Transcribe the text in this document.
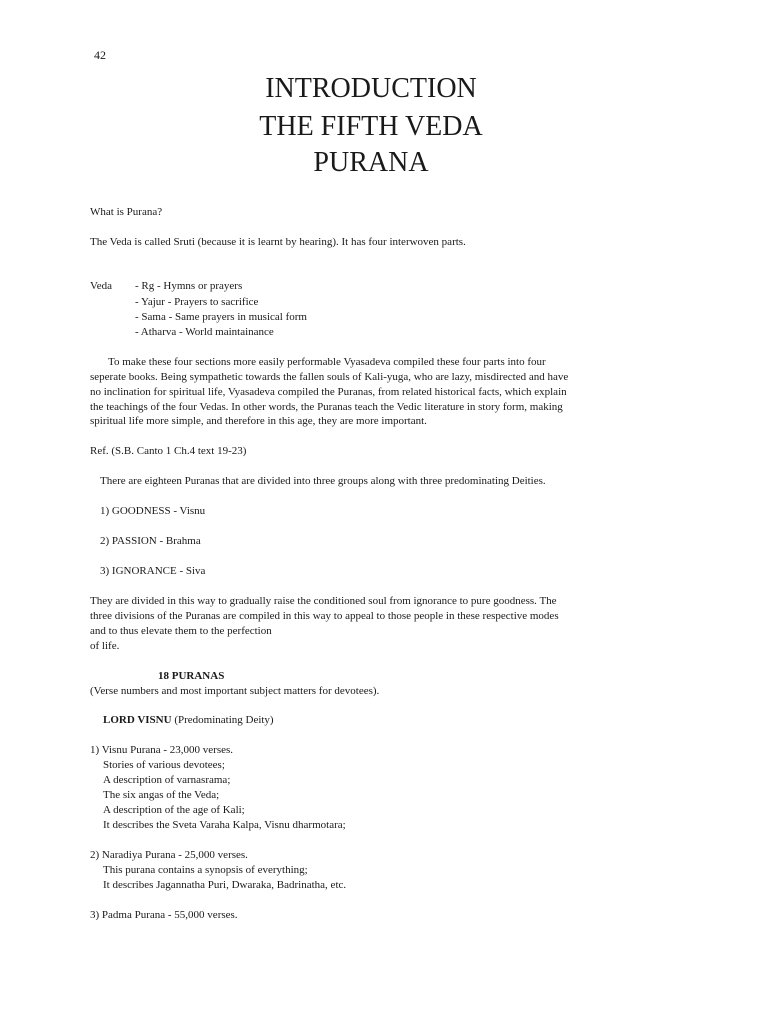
42
INTRODUCTION
THE FIFTH VEDA
PURANA
What is Purana?
The Veda is called Sruti (because it is learnt by hearing). It has four interwoven parts.
Veda - Rg - Hymns or prayers
- Yajur - Prayers to sacrifice
- Sama - Same prayers in musical form
- Atharva - World maintainance
To make these four sections more easily performable Vyasadeva compiled these four parts into four
seperate books. Being sympathetic towards the fallen souls of Kali-yuga, who are lazy, misdirected and have
no inclination for spiritual life, Vyasadeva compiled the Puranas, from related historical facts, which explain
the teachings of the four Vedas. In other words, the Puranas teach the Vedic literature in story form, making
spiritual life more simple, and therefore in this age, they are more important.
Ref. (S.B. Canto 1 Ch.4 text 19-23)
There are eighteen Puranas that are divided into three groups along with three predominating Deities.
1) GOODNESS - Visnu
2) PASSION - Brahma
3) IGNORANCE - Siva
They are divided in this way to gradually raise the conditioned soul from ignorance to pure goodness. The
three divisions of the Puranas are compiled in this way to appeal to those people in these respective modes
and to thus elevate them to the perfection
of life.
18 PURANAS
(Verse numbers and most important subject matters for devotees).
LORD VISNU (Predominating Deity)
1) Visnu Purana - 23,000 verses.
Stories of various devotees;
A description of varnasrama;
The six angas of the Veda;
A description of the age of Kali;
It describes the Sveta Varaha Kalpa, Visnu dharmotara;
2) Naradiya Purana - 25,000 verses.
This purana contains a synopsis of everything;
It describes Jagannatha Puri, Dwaraka, Badrinatha, etc.
3) Padma Purana - 55,000 verses.
